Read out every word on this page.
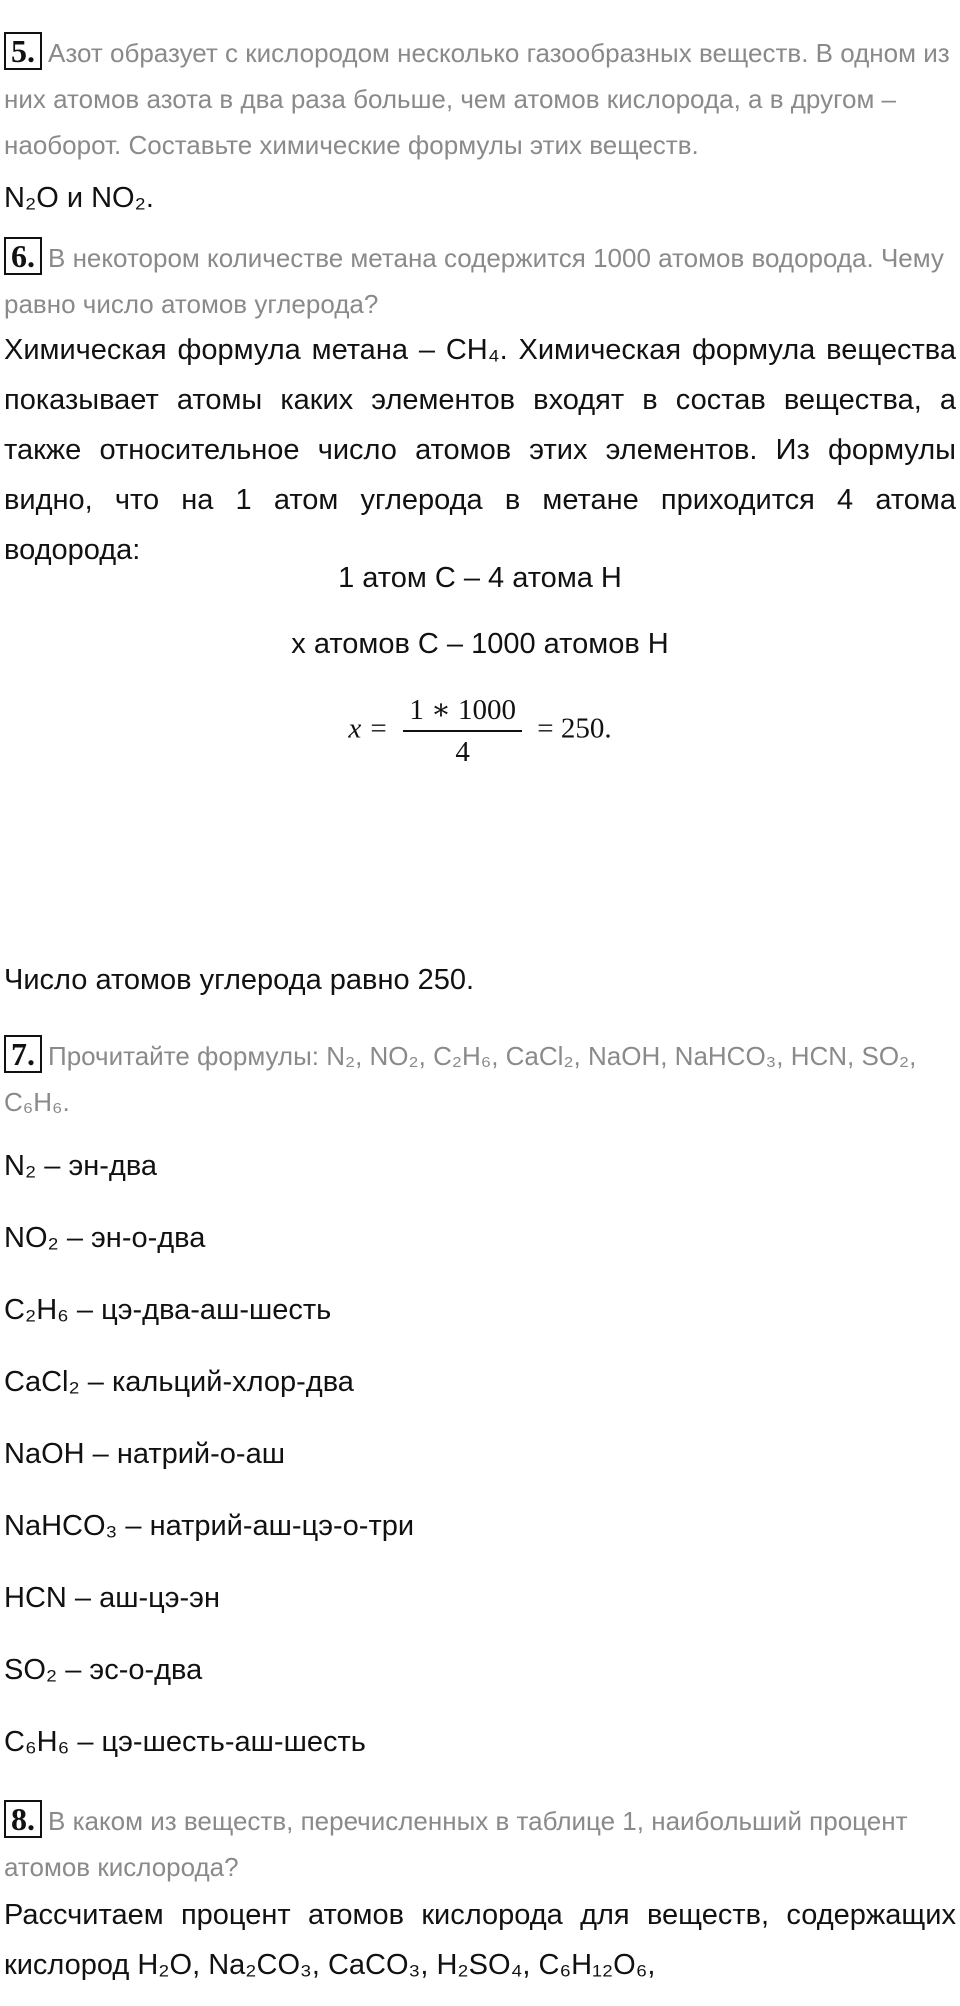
5. Азот образует с кислородом несколько газообразных веществ. В одном из них атомов азота в два раза больше, чем атомов кислорода, а в другом – наоборот. Составьте химические формулы этих веществ.
N₂O и NO₂.
6. В некотором количестве метана содержится 1000 атомов водорода. Чему равно число атомов углерода?
Химическая формула метана – CH₄. Химическая формула вещества показывает атомы каких элементов входят в состав вещества, а также относительное число атомов этих элементов. Из формулы видно, что на 1 атом углерода в метане приходится 4 атома водорода:
1 атом C – 4 атома H
x атомов C – 1000 атомов H
$x = \frac{1 ∗ 1000}{4} = 250$.
Число атомов углерода равно 250.
7. Прочитайте формулы: N₂, NO₂, C₂H₆, CaCl₂, NaOH, NaHCO₃, HCN, SO₂, C₆H₆.
N₂ – эн-два
NO₂ – эн-о-два
C₂H₆ – цэ-два-аш-шесть
CaCl₂ – кальций-хлор-два
NaOH – натрий-о-аш
NaHCO₃ – натрий-аш-цэ-о-три
HCN – аш-цэ-эн
SO₂ – эс-о-два
C₆H₆ – цэ-шесть-аш-шесть
8. В каком из веществ, перечисленных в таблице 1, наибольший процент атомов кислорода?
Рассчитаем процент атомов кислорода для веществ, содержащих кислород H₂O, Na₂CO₃, CaCO₃, H₂SO₄, C₆H₁₂O₆,
